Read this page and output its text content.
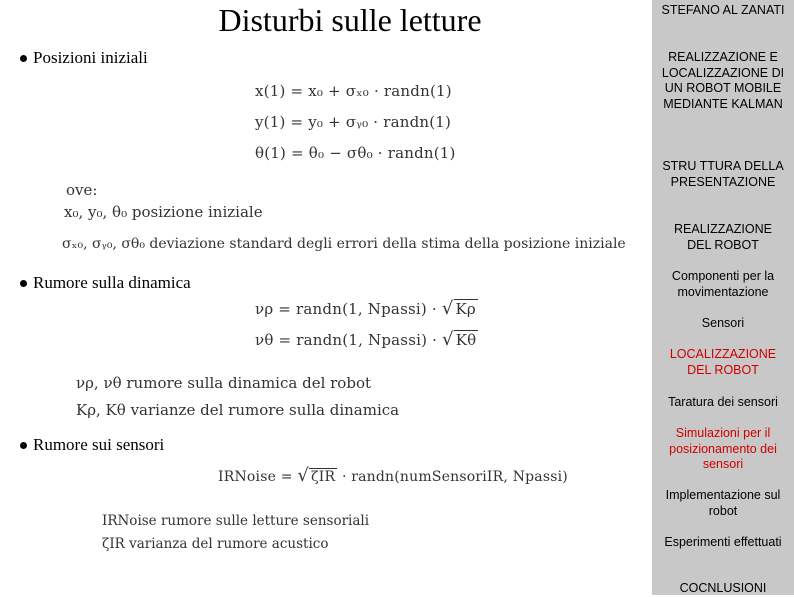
Disturbi sulle letture
Posizioni iniziali
x(1) = x₀ + σₓ₀ · randn(1)
y(1) = y₀ + σᵧ₀ · randn(1)
θ(1) = θ₀ − σθ₀ · randn(1)
ove:
x₀, y₀, θ₀ posizione iniziale
σₓ₀, σᵧ₀, σθ₀ deviazione standard degli errori della stima della posizione iniziale
Rumore sulla dinamica
νρ = randn(1, Npassi) · √ Kρ
νθ = randn(1, Npassi) · √ Kθ
νρ, νθ rumore sulla dinamica del robot
Kρ, Kθ varianze del rumore sulla dinamica
Rumore sui sensori
IRNoise = √ ζIR · randn(numSensoriIR, Npassi)
IRNoise rumore sulle letture sensoriali
ζIR varianza del rumore acustico
STEFANO AL ZANATI
REALIZZAZIONE E LOCALIZZAZIONE DI UN ROBOT MOBILE MEDIANTE KALMAN
STRU TTURA DELLA PRESENTAZIONE
REALIZZAZIONE DEL ROBOT
Componenti per la movimentazione
Sensori
LOCALIZZAZIONE DEL ROBOT
Taratura dei sensori
Simulazioni per il posizionamento dei sensori
Implementazione sul robot
Esperimenti effettuati
COCNLUSIONI
